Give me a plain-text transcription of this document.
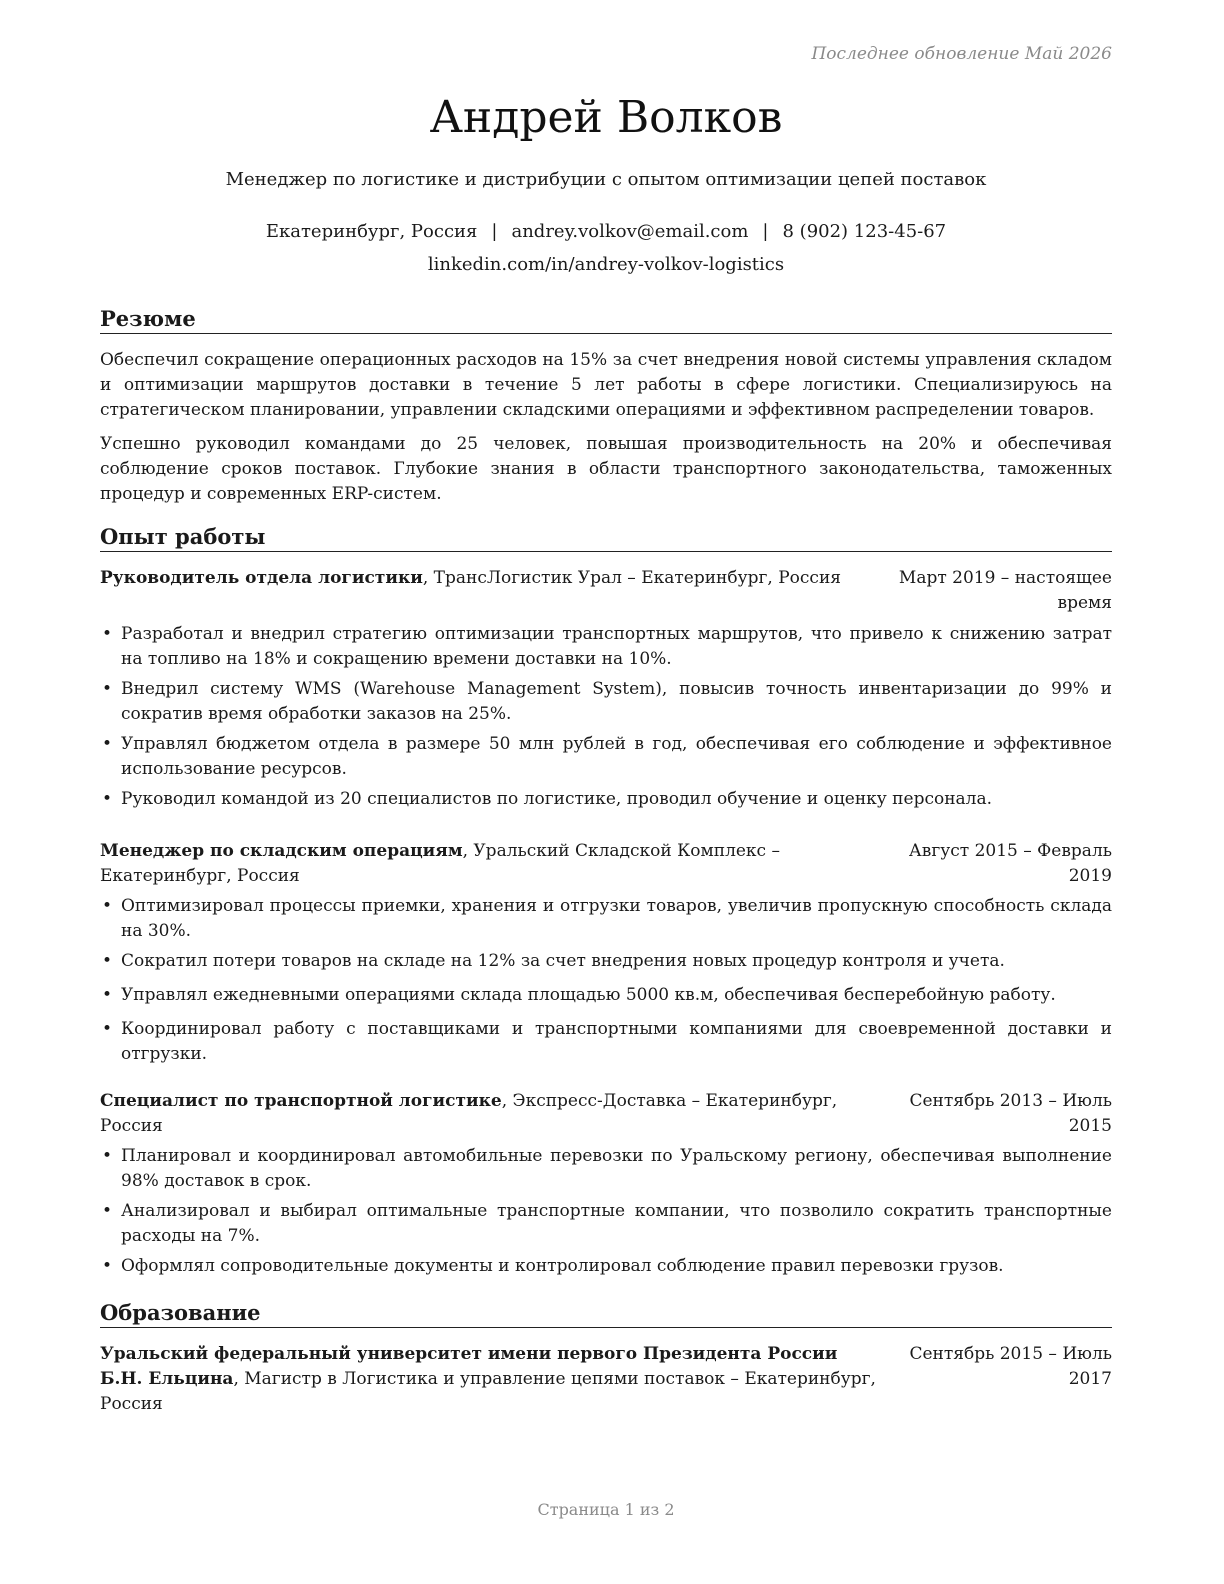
Последнее обновление Май 2026
Андрей Волков
Менеджер по логистике и дистрибуции с опытом оптимизации цепей поставок
Екатеринбург, Россия | andrey.volkov@email.com | 8 (902) 123-45-67
linkedin.com/in/andrey-volkov-logistics
Резюме
Обеспечил сокращение операционных расходов на 15% за счет внедрения новой системы управления складом и оптимизации маршрутов доставки в течение 5 лет работы в сфере логистики. Специализируюсь на стратегическом планировании, управлении складскими операциями и эффективном распределении товаров.
Успешно руководил командами до 25 человек, повышая производительность на 20% и обеспечивая соблюдение сроков поставок. Глубокие знания в области транспортного законодательства, таможенных процедур и современных ERP-систем.
Опыт работы
Руководитель отдела логистики, ТрансЛогистик Урал – Екатеринбург, Россия	Март 2019 – настоящее время
• Разработал и внедрил стратегию оптимизации транспортных маршрутов, что привело к снижению затрат на топливо на 18% и сокращению времени доставки на 10%.
• Внедрил систему WMS (Warehouse Management System), повысив точность инвентаризации до 99% и сократив время обработки заказов на 25%.
• Управлял бюджетом отдела в размере 50 млн рублей в год, обеспечивая его соблюдение и эффективное использование ресурсов.
• Руководил командой из 20 специалистов по логистике, проводил обучение и оценку персонала.
Менеджер по складским операциям, Уральский Складской Комплекс – Екатеринбург, Россия
Август 2015 – Февраль 2019
• Оптимизировал процессы приемки, хранения и отгрузки товаров, увеличив пропускную способность склада на 30%.
• Сократил потери товаров на складе на 12% за счет внедрения новых процедур контроля и учета.
• Управлял ежедневными операциями склада площадью 5000 кв.м, обеспечивая бесперебойную работу.
• Координировал работу с поставщиками и транспортными компаниями для своевременной доставки и отгрузки.
Специалист по транспортной логистике, Экспресс-Доставка – Екатеринбург, Россия
Сентябрь 2013 – Июль 2015
• Планировал и координировал автомобильные перевозки по Уральскому региону, обеспечивая выполнение 98% доставок в срок.
• Анализировал и выбирал оптимальные транспортные компании, что позволило сократить транспортные расходы на 7%.
• Оформлял сопроводительные документы и контролировал соблюдение правил перевозки грузов.
Образование
Уральский федеральный университет имени первого Президента России Б.Н. Ельцина, Магистр в Логистика и управление цепями поставок – Екатеринбург, Россия
Сентябрь 2015 – Июль 2017
Страница 1 из 2
